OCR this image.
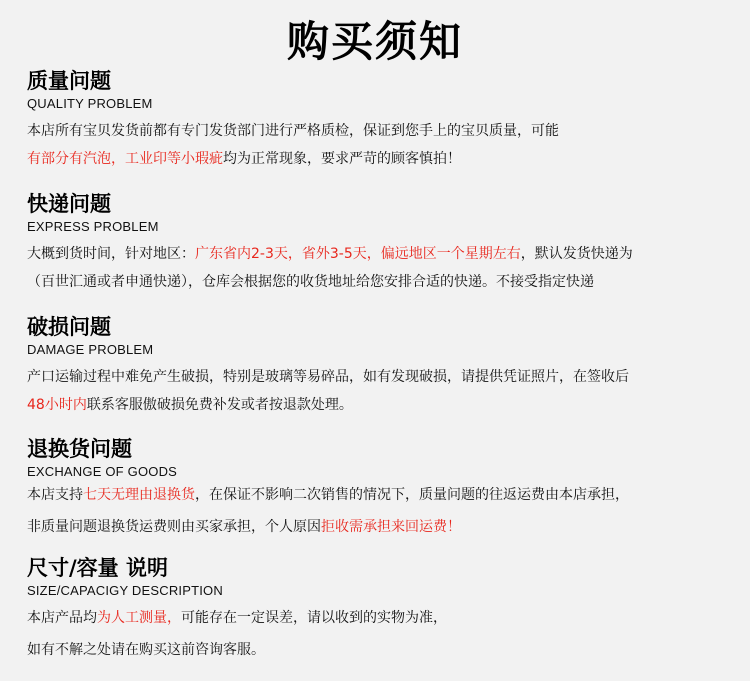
购买须知
质量问题
QUALITY PROBLEM
本店所有宝贝发货前都有专门发货部门进行严格质检，保证到您手上的宝贝质量，可能
有部分有汽泡，工业印等小瑕疵均为正常现象，要求严苛的顾客慎拍！
快递问题
EXPRESS PROBLEM
大概到货时间，针对地区：广东省内2-3天，省外3-5天，偏远地区一个星期左右，默认发货快递为
（百世汇通或者申通快递），仓库会根据您的收货地址给您安排合适的快递。不接受指定快递
破损问题
DAMAGE PROBLEM
产口运输过程中难免产生破损，特别是玻璃等易碎品，如有发现破损，请提供凭证照片，在签收后
48小时内联系客服傲破损免费补发或者按退款处理。
退换货问题
EXCHANGE OF GOODS
本店支持七天无理由退换货，在保证不影响二次销售的情况下，质量问题的往返运费由本店承担，
非质量问题退换货运费则由买家承担，个人原因拒收需承担来回运费！
尺寸/容量 说明
SIZE/CAPACIGY DESCRIPTION
本店产品均为人工测量，可能存在一定误差，请以收到的实物为准，
如有不解之处请在购买这前咨询客服。
